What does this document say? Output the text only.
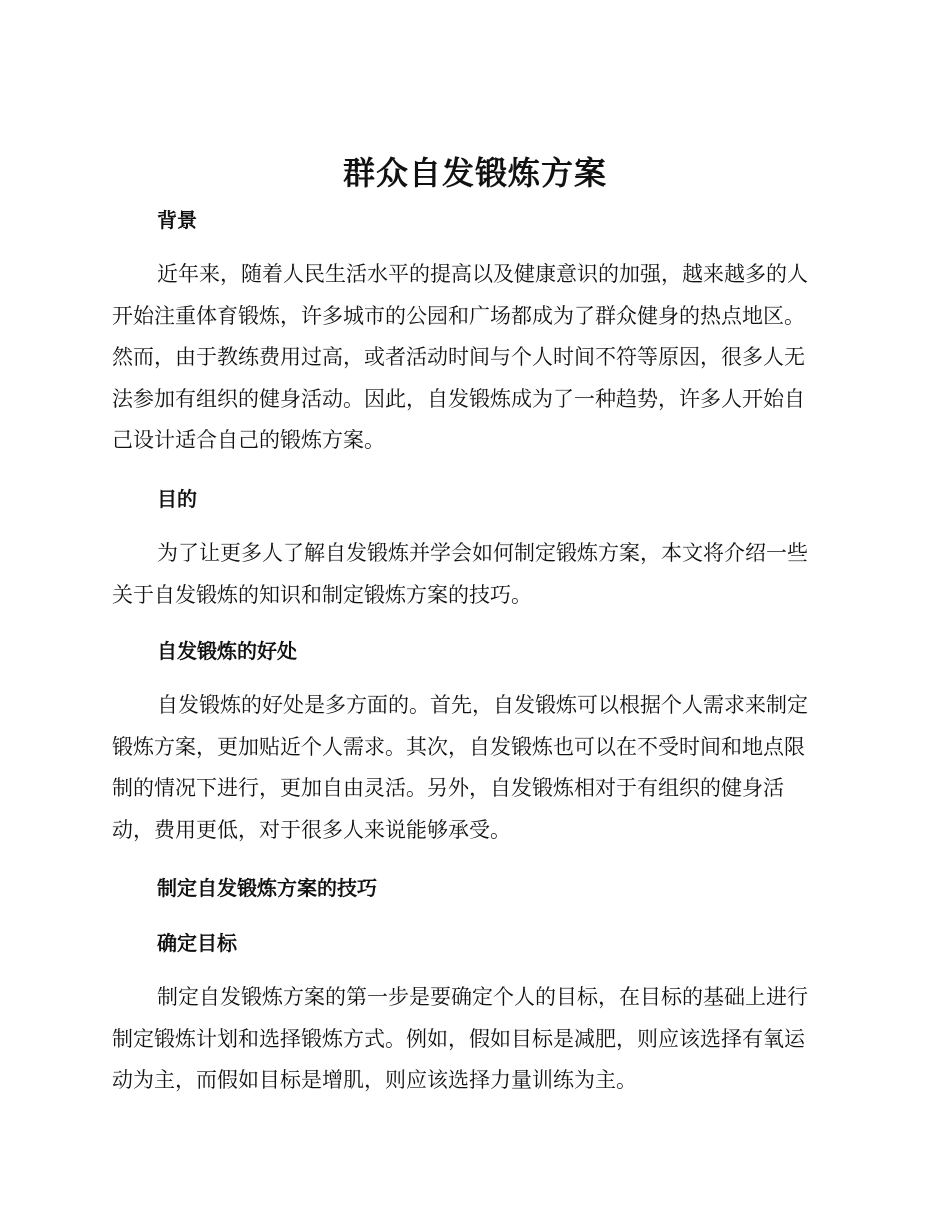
群众自发锻炼方案
背景
近年来，随着人民生活水平的提高以及健康意识的加强，越来越多的人
开始注重体育锻炼，许多城市的公园和广场都成为了群众健身的热点地区。
然而，由于教练费用过高，或者活动时间与个人时间不符等原因，很多人无
法参加有组织的健身活动。因此，自发锻炼成为了一种趋势，许多人开始自
己设计适合自己的锻炼方案。
目的
为了让更多人了解自发锻炼并学会如何制定锻炼方案，本文将介绍一些
关于自发锻炼的知识和制定锻炼方案的技巧。
自发锻炼的好处
自发锻炼的好处是多方面的。首先，自发锻炼可以根据个人需求来制定
锻炼方案，更加贴近个人需求。其次，自发锻炼也可以在不受时间和地点限
制的情况下进行，更加自由灵活。另外，自发锻炼相对于有组织的健身活
动，费用更低，对于很多人来说能够承受。
制定自发锻炼方案的技巧
确定目标
制定自发锻炼方案的第一步是要确定个人的目标，在目标的基础上进行
制定锻炼计划和选择锻炼方式。例如，假如目标是减肥，则应该选择有氧运
动为主，而假如目标是增肌，则应该选择力量训练为主。
